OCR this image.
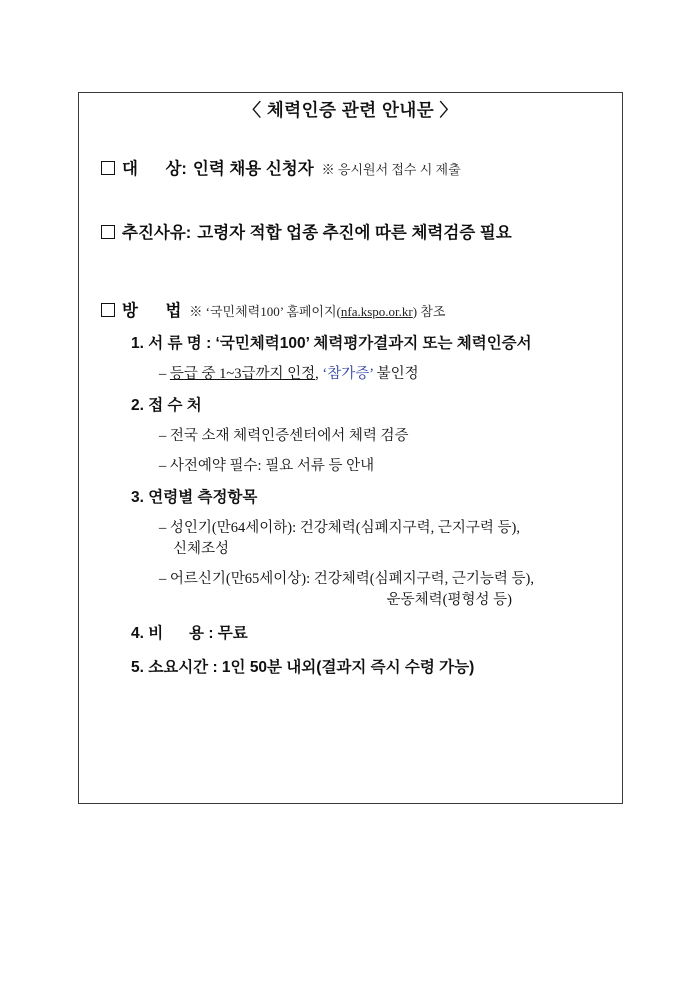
〈 체력인증 관련 안내문 〉
대      상: 인력 채용 신청자 ※ 응시원서 접수 시 제출
추진사유: 고령자 적합 업종 추진에 따른 체력검증 필요
방      법 ※ ‘국민체력100’ 홈페이지(nfa.kspo.or.kr) 참조
1. 서 류 명 : ‘국민체력100’ 체력평가결과지 또는 체력인증서
– 등급 중 1~3급까지 인정, ‘참가증’ 불인정
2. 접 수 처
– 전국 소재 체력인증센터에서 체력 검증
– 사전예약 필수: 필요 서류 등 안내
3. 연령별 측정항목
– 성인기(만64세이하): 건강체력(심폐지구력, 근지구력 등),
신체조성
– 어르신기(만65세이상): 건강체력(심폐지구력, 근기능력 등),
운동체력(평형성 등)
4. 비      용 : 무료
5. 소요시간 : 1인 50분 내외(결과지 즉시 수령 가능)
